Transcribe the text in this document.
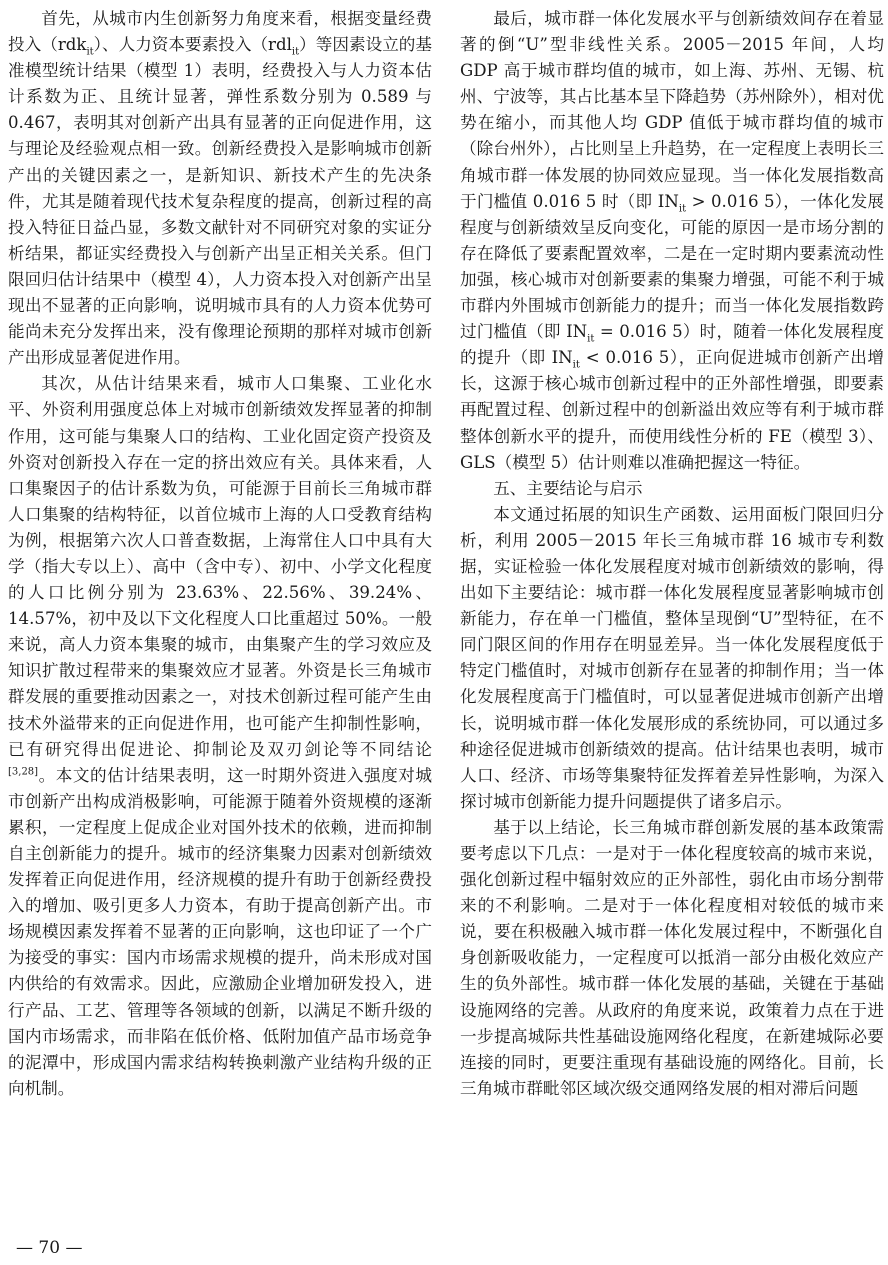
首先，从城市内生创新努力角度来看，根据变量经费投入（rdk$_{it}$）、人力资本要素投入（rdl$_{it}$）等因素设立的基准模型统计结果（模型 1）表明，经费投入与人力资本估计系数为正、且统计显著，弹性系数分别为 0.589 与 0.467，表明其对创新产出具有显著的正向促进作用，这与理论及经验观点相一致。创新经费投入是影响城市创新产出的关键因素之一，是新知识、新技术产生的先决条件，尤其是随着现代技术复杂程度的提高，创新过程的高投入特征日益凸显，多数文献针对不同研究对象的实证分析结果，都证实经费投入与创新产出呈正相关关系。但门限回归估计结果中（模型 4），人力资本投入对创新产出呈现出不显著的正向影响，说明城市具有的人力资本优势可能尚未充分发挥出来，没有像理论预期的那样对城市创新产出形成显著促进作用。

其次，从估计结果来看，城市人口集聚、工业化水平、外资利用强度总体上对城市创新绩效发挥显著的抑制作用，这可能与集聚人口的结构、工业化固定资产投资及外资对创新投入存在一定的挤出效应有关。具体来看，人口集聚因子的估计系数为负，可能源于目前长三角城市群人口集聚的结构特征，以首位城市上海的人口受教育结构为例，根据第六次人口普查数据，上海常住人口中具有大学（指大专以上）、高中（含中专）、初中、小学文化程度的人口比例分别为 23.63%、22.56%、39.24%、14.57%，初中及以下文化程度人口比重超过 50%。一般来说，高人力资本集聚的城市，由集聚产生的学习效应及知识扩散过程带来的集聚效应才显著。外资是长三角城市群发展的重要推动因素之一，对技术创新过程可能产生由技术外溢带来的正向促进作用，也可能产生抑制性影响，已有研究得出促进论、抑制论及双刃剑论等不同结论[3,28]。本文的估计结果表明，这一时期外资进入强度对城市创新产出构成消极影响，可能源于随着外资规模的逐渐累积，一定程度上促成企业对国外技术的依赖，进而抑制自主创新能力的提升。城市的经济集聚力因素对创新绩效发挥着正向促进作用，经济规模的提升有助于创新经费投入的增加、吸引更多人力资本，有助于提高创新产出。市场规模因素发挥着不显著的正向影响，这也印证了一个广为接受的事实：国内市场需求规模的提升，尚未形成对国内供给的有效需求。因此，应激励企业增加研发投入，进行产品、工艺、管理等各领域的创新，以满足不断升级的国内市场需求，而非陷在低价格、低附加值产品市场竞争的泥潭中，形成国内需求结构转换刺激产业结构升级的正向机制。

最后，城市群一体化发展水平与创新绩效间存在着显著的倒“U”型非线性关系。2005－2015 年间，人均 GDP 高于城市群均值的城市，如上海、苏州、无锡、杭州、宁波等，其占比基本呈下降趋势（苏州除外），相对优势在缩小，而其他人均 GDP 值低于城市群均值的城市（除台州外），占比则呈上升趋势，在一定程度上表明长三角城市群一体发展的协同效应显现。当一体化发展指数高于门槛值 0.016 5 时（即 $IN_{it} > 0.016$ 5），一体化发展程度与创新绩效呈反向变化，可能的原因一是市场分割的存在降低了要素配置效率，二是在一定时期内要素流动性加强，核心城市对创新要素的集聚力增强，可能不利于城市群内外围城市创新能力的提升；而当一体化发展指数跨过门槛值（即 $IN_{it} = 0.016$ 5）时，随着一体化发展程度的提升（即 $IN_{it} < 0.016$ 5），正向促进城市创新产出增长，这源于核心城市创新过程中的正外部性增强，即要素再配置过程、创新过程中的创新溢出效应等有利于城市群整体创新水平的提升，而使用线性分析的 FE（模型 3）、GLS（模型 5）估计则难以准确把握这一特征。

五、主要结论与启示

本文通过拓展的知识生产函数、运用面板门限回归分析，利用 2005－2015 年长三角城市群 16 城市专利数据，实证检验一体化发展程度对城市创新绩效的影响，得出如下主要结论：城市群一体化发展程度显著影响城市创新能力，存在单一门槛值，整体呈现倒“U”型特征，在不同门限区间的作用存在明显差异。当一体化发展程度低于特定门槛值时，对城市创新存在显著的抑制作用；当一体化发展程度高于门槛值时，可以显著促进城市创新产出增长，说明城市群一体化发展形成的系统协同，可以通过多种途径促进城市创新绩效的提高。估计结果也表明，城市人口、经济、市场等集聚特征发挥着差异性影响，为深入探讨城市创新能力提升问题提供了诸多启示。

基于以上结论，长三角城市群创新发展的基本政策需要考虑以下几点：一是对于一体化程度较高的城市来说，强化创新过程中辐射效应的正外部性，弱化由市场分割带来的不利影响。二是对于一体化程度相对较低的城市来说，要在积极融入城市群一体化发展过程中，不断强化自身创新吸收能力，一定程度可以抵消一部分由极化效应产生的负外部性。城市群一体化发展的基础，关键在于基础设施网络的完善。从政府的角度来说，政策着力点在于进一步提高城际共性基础设施网络化程度，在新建城际必要连接的同时，更要注重现有基础设施的网络化。目前，长三角城市群毗邻区域次级交通网络发展的相对滞后问题

— 70 —
